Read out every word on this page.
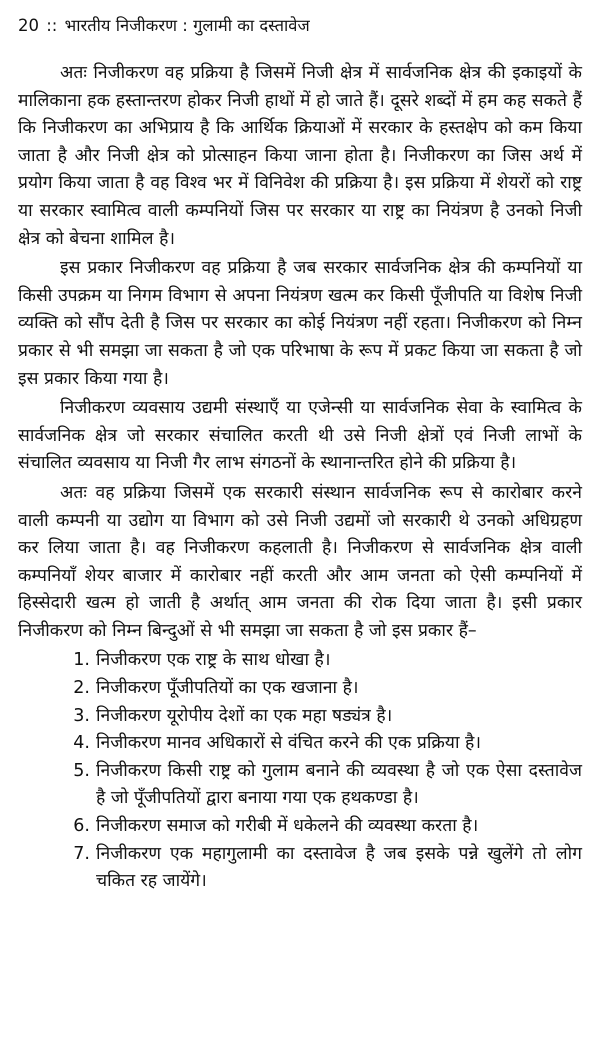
20 :: भारतीय निजीकरण : गुलामी का दस्तावेज

अतः निजीकरण वह प्रक्रिया है जिसमें निजी क्षेत्र में सार्वजनिक क्षेत्र की इकाइयों के मालिकाना हक हस्तान्तरण होकर निजी हाथों में हो जाते हैं। दूसरे शब्दों में हम कह सकते हैं कि निजीकरण का अभिप्राय है कि आर्थिक क्रियाओं में सरकार के हस्तक्षेप को कम किया जाता है और निजी क्षेत्र को प्रोत्साहन किया जाना होता है। निजीकरण का जिस अर्थ में प्रयोग किया जाता है वह विश्व भर में विनिवेश की प्रक्रिया है। इस प्रक्रिया में शेयरों को राष्ट्र या सरकार स्वामित्व वाली कम्पनियों जिस पर सरकार या राष्ट्र का नियंत्रण है उनको निजी क्षेत्र को बेचना शामिल है।

इस प्रकार निजीकरण वह प्रक्रिया है जब सरकार सार्वजनिक क्षेत्र की कम्पनियों या किसी उपक्रम या निगम विभाग से अपना नियंत्रण खत्म कर किसी पूँजीपति या विशेष निजी व्यक्ति को सौंप देती है जिस पर सरकार का कोई नियंत्रण नहीं रहता। निजीकरण को निम्न प्रकार से भी समझा जा सकता है जो एक परिभाषा के रूप में प्रकट किया जा सकता है जो इस प्रकार किया गया है।

निजीकरण व्यवसाय उद्यमी संस्थाएँ या एजेन्सी या सार्वजनिक सेवा के स्वामित्व के सार्वजनिक क्षेत्र जो सरकार संचालित करती थी उसे निजी क्षेत्रों एवं निजी लाभों के संचालित व्यवसाय या निजी गैर लाभ संगठनों के स्थानान्तरित होने की प्रक्रिया है।

अतः वह प्रक्रिया जिसमें एक सरकारी संस्थान सार्वजनिक रूप से कारोबार करने वाली कम्पनी या उद्योग या विभाग को उसे निजी उद्यमों जो सरकारी थे उनको अधिग्रहण कर लिया जाता है। वह निजीकरण कहलाती है। निजीकरण से सार्वजनिक क्षेत्र वाली कम्पनियाँ शेयर बाजार में कारोबार नहीं करती और आम जनता को ऐसी कम्पनियों में हिस्सेदारी खत्म हो जाती है अर्थात् आम जनता की रोक दिया जाता है। इसी प्रकार निजीकरण को निम्न बिन्दुओं से भी समझा जा सकता है जो इस प्रकार हैं–

1. निजीकरण एक राष्ट्र के साथ धोखा है।
2. निजीकरण पूँजीपतियों का एक खजाना है।
3. निजीकरण यूरोपीय देशों का एक महा षड्यंत्र है।
4. निजीकरण मानव अधिकारों से वंचित करने की एक प्रक्रिया है।
5. निजीकरण किसी राष्ट्र को गुलाम बनाने की व्यवस्था है जो एक ऐसा दस्तावेज है जो पूँजीपतियों द्वारा बनाया गया एक हथकण्डा है।
6. निजीकरण समाज को गरीबी में धकेलने की व्यवस्था करता है।
7. निजीकरण एक महागुलामी का दस्तावेज है जब इसके पन्ने खुलेंगे तो लोग चकित रह जायेंगे।
